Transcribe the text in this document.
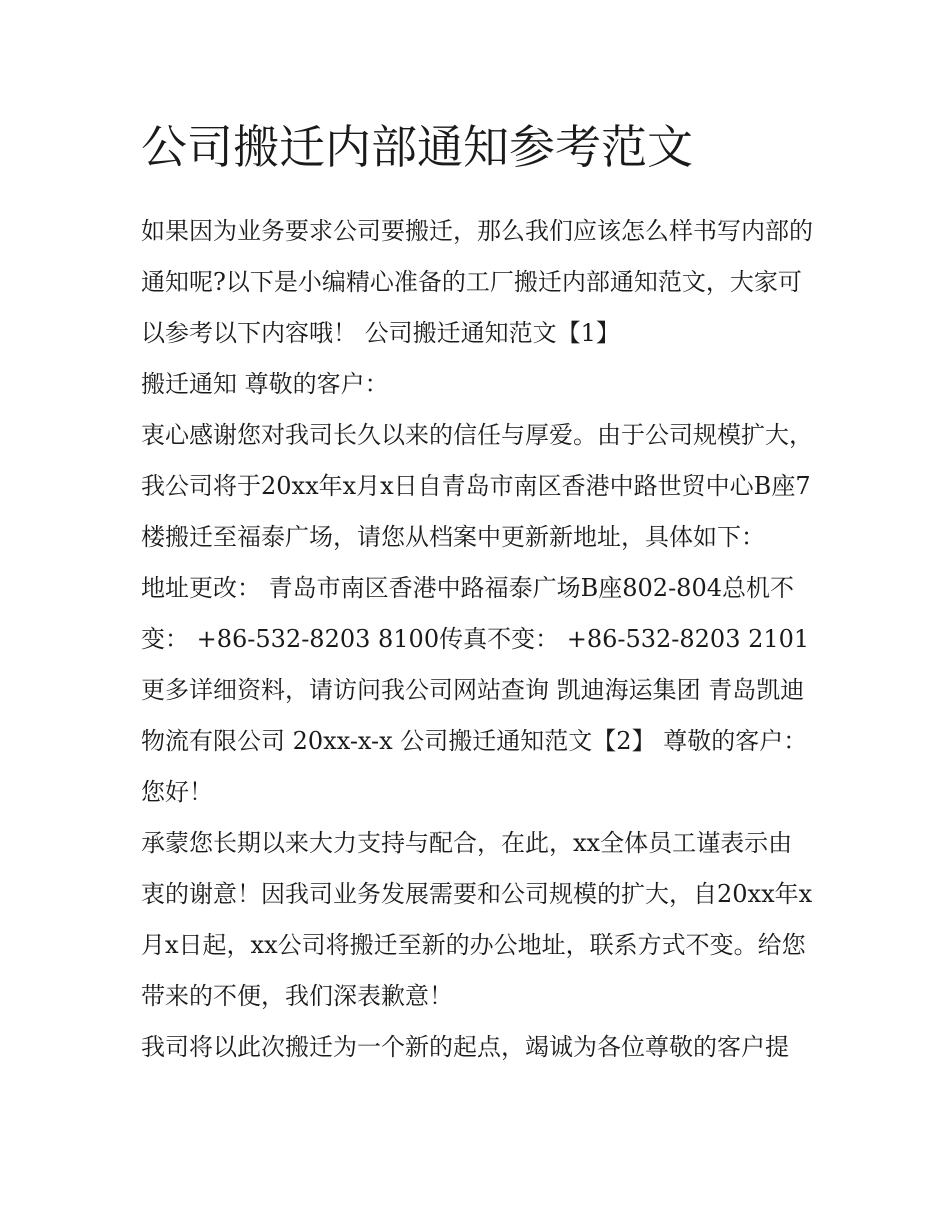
公司搬迁内部通知参考范文

如果因为业务要求公司要搬迁，那么我们应该怎么样书写内部的通知呢?以下是小编精心准备的工厂搬迁内部通知范文，大家可以参考以下内容哦！ 公司搬迁通知范文【1】

搬迁通知 尊敬的客户：

衷心感谢您对我司长久以来的信任与厚爱。由于公司规模扩大，我公司将于20xx年x月x日自青岛市南区香港中路世贸中心B座7楼搬迁至福泰广场，请您从档案中更新新地址，具体如下：

地址更改： 青岛市南区香港中路福泰广场B座802-804总机不变： +86-532-8203 8100传真不变： +86-532-8203 2101

更多详细资料，请访问我公司网站查询 凯迪海运集团 青岛凯迪物流有限公司 20xx-x-x 公司搬迁通知范文【2】 尊敬的客户：您好！

承蒙您长期以来大力支持与配合，在此，xx全体员工谨表示由衷的谢意！因我司业务发展需要和公司规模的扩大，自20xx年x月x日起，xx公司将搬迁至新的办公地址，联系方式不变。给您带来的不便，我们深表歉意！

我司将以此次搬迁为一个新的起点，竭诚为各位尊敬的客户提
